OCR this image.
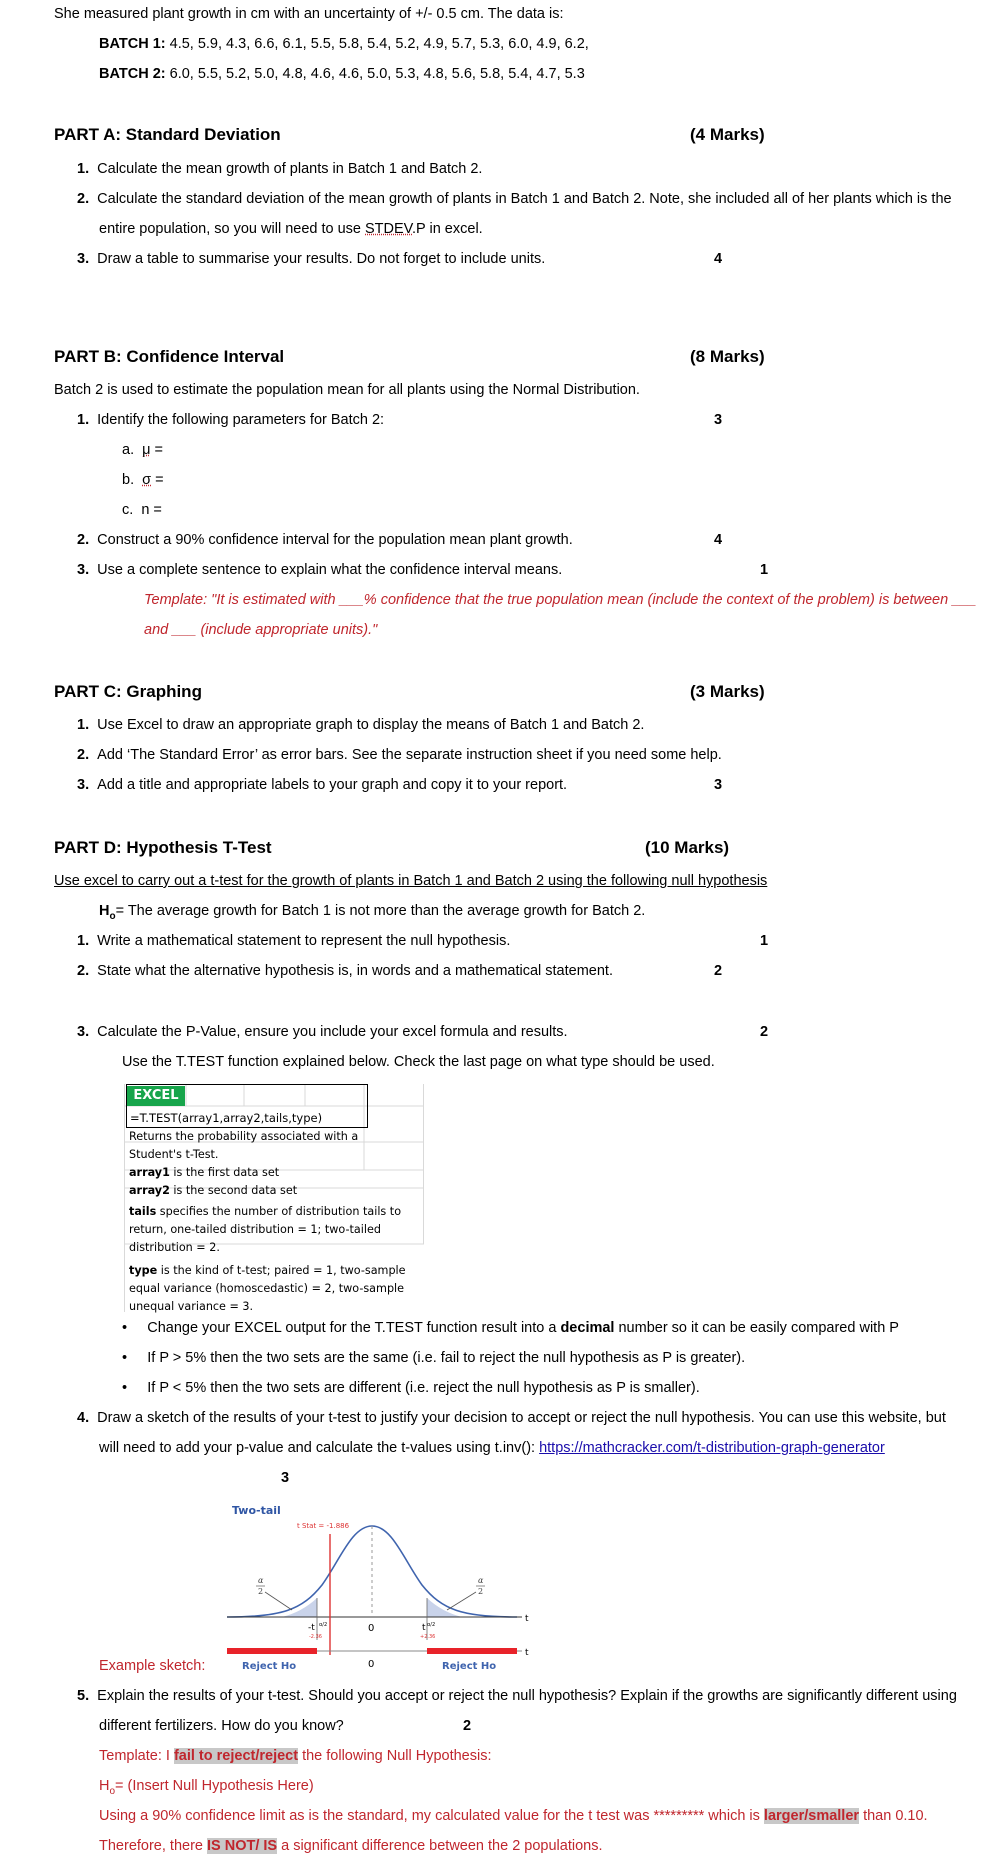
She measured plant growth in cm with an uncertainty of +/- 0.5 cm. The data is:
BATCH 1: 4.5, 5.9, 4.3, 6.6, 6.1, 5.5, 5.8, 5.4, 5.2, 4.9, 5.7, 5.3, 6.0, 4.9, 6.2,
BATCH 2: 6.0, 5.5, 5.2, 5.0, 4.8, 4.6, 4.6, 5.0, 5.3, 4.8, 5.6, 5.8, 5.4, 4.7, 5.3
PART A: Standard Deviation	(4 Marks)
1. Calculate the mean growth of plants in Batch 1 and Batch 2.
2. Calculate the standard deviation of the mean growth of plants in Batch 1 and Batch 2. Note, she included all of her plants which is the
entire population, so you will need to use STDEV.P in excel.
3. Draw a table to summarise your results. Do not forget to include units.	4
PART B: Confidence Interval	(8 Marks)
Batch 2 is used to estimate the population mean for all plants using the Normal Distribution.
1. Identify the following parameters for Batch 2:	3
a. μ =
b. σ =
c. n =
2. Construct a 90% confidence interval for the population mean plant growth.	4
3. Use a complete sentence to explain what the confidence interval means.	1
Template: "It is estimated with ___% confidence that the true population mean (include the context of the problem) is between ___
and ___ (include appropriate units)."
PART C: Graphing	(3 Marks)
1. Use Excel to draw an appropriate graph to display the means of Batch 1 and Batch 2.
2. Add ‘The Standard Error’ as error bars. See the separate instruction sheet if you need some help.
3. Add a title and appropriate labels to your graph and copy it to your report.	3
PART D: Hypothesis T-Test	(10 Marks)
Use excel to carry out a t-test for the growth of plants in Batch 1 and Batch 2 using the following null hypothesis
$H_o=$ The average growth for Batch 1 is not more than the average growth for Batch 2.
1. Write a mathematical statement to represent the null hypothesis.	1
2. State what the alternative hypothesis is, in words and a mathematical statement.	2
3. Calculate the P-Value, ensure you include your excel formula and results.	2
Use the T.TEST function explained below. Check the last page on what type should be used.
EXCEL
=T.TEST(array1,array2,tails,type)
Returns the probability associated with a
Student's t-Test.
array1 is the first data set
array2 is the second data set
tails specifies the number of distribution tails to
return, one-tailed distribution = 1; two-tailed
distribution = 2.
type is the kind of t-test; paired = 1, two-sample
equal variance (homoscedastic) = 2, two-sample
unequal variance = 3.
•     Change your EXCEL output for the T.TEST function result into a decimal number so it can be easily compared with P
•     If P > 5% then the two sets are the same (i.e. fail to reject the null hypothesis as P is greater).
•     If P < 5% then the two sets are different (i.e. reject the null hypothesis as P is smaller).
4. Draw a sketch of the results of your t-test to justify your decision to accept or reject the null hypothesis. You can use this website, but
will need to add your p-value and calculate the t-values using t.inv(): https://mathcracker.com/t-distribution-graph-generator
3
Example sketch:
Two-tail
t Stat = -1.886
t
α
2
α
2
-t α/2
-2.36
t α/2
+2.36
0
t
0
Reject Ho	Reject Ho
5. Explain the results of your t-test. Should you accept or reject the null hypothesis? Explain if the growths are significantly different using
different fertilizers. How do you know?	2
Template: I fail to reject/reject the following Null Hypothesis:
$H_o=$ (Insert Null Hypothesis Here)
Using a 90% confidence limit as is the standard, my calculated value for the t test was ********* which is larger/smaller than 0.10.
Therefore, there IS NOT/ IS a significant difference between the 2 populations.
